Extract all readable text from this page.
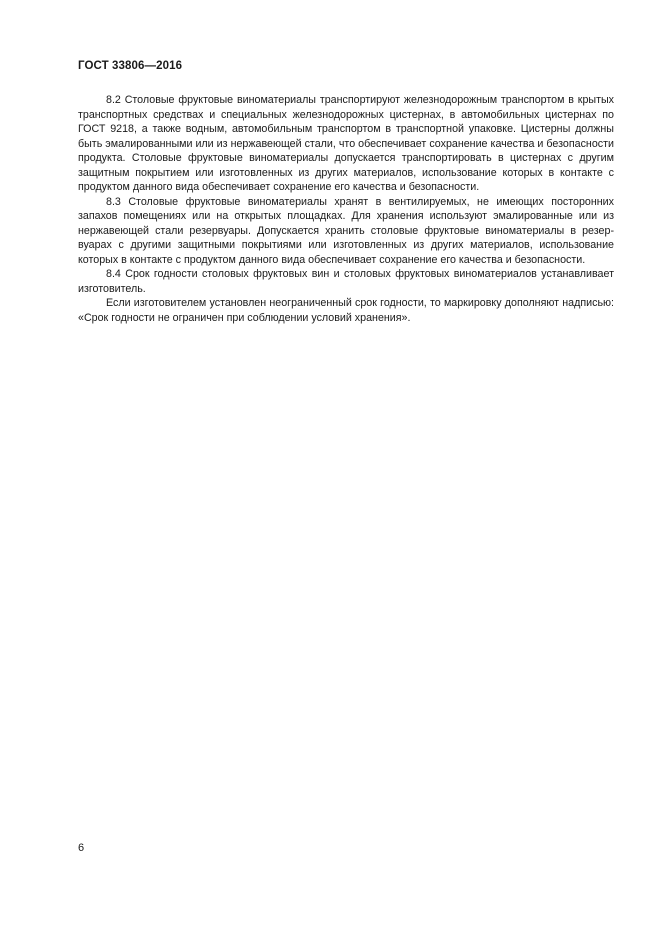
ГОСТ 33806—2016

8.2 Столовые фруктовые виноматериалы транспортируют железнодорожным транспортом в крытых транспортных средствах и специальных железнодорожных цистернах, в автомобильных цистернах по ГОСТ 9218, а также водным, автомобильным транспортом в транспортной упаковке. Цистерны должны быть эмалированными или из нержавеющей стали, что обеспечивает сохранение качества и безопасности продукта. Столовые фруктовые виноматериалы допускается транспортировать в цистернах с другим защитным покрытием или изготовленных из других материалов, использование которых в контакте с продуктом данного вида обеспечивает сохранение его качества и безопасности.

8.3 Столовые фруктовые виноматериалы хранят в вентилируемых, не имеющих посторонних запахов помещениях или на открытых площадках. Для хранения используют эмалированные или из нержавеющей стали резервуары. Допускается хранить столовые фруктовые виноматериалы в резервуарах с другими защитными покрытиями или изготовленных из других материалов, использование которых в контакте с продуктом данного вида обеспечивает сохранение его качества и безопасности.

8.4 Срок годности столовых фруктовых вин и столовых фруктовых виноматериалов устанавливает изготовитель.

Если изготовителем установлен неограниченный срок годности, то маркировку дополняют надписью: «Срок годности не ограничен при соблюдении условий хранения».

6
